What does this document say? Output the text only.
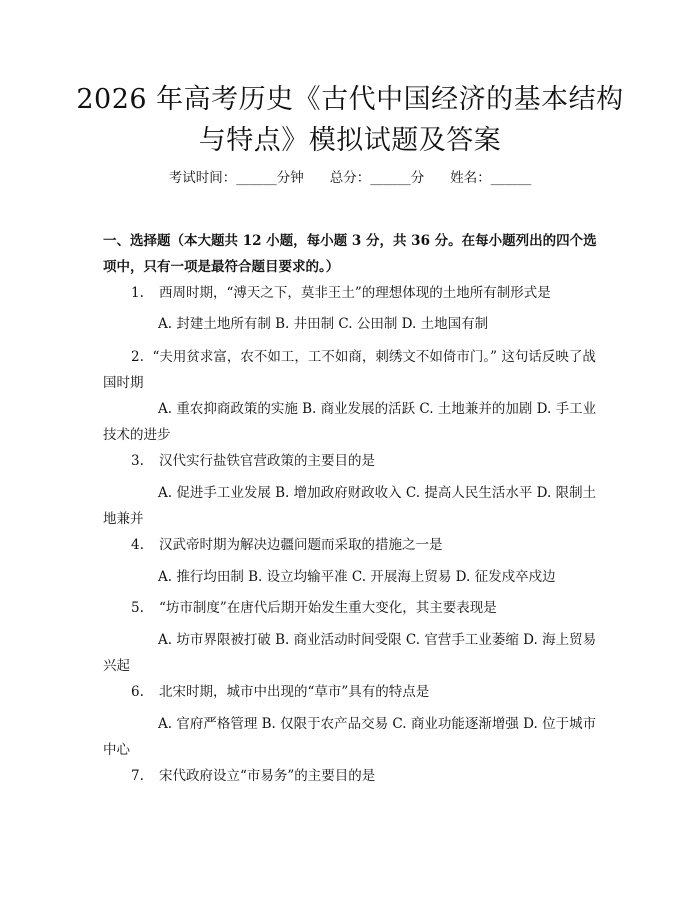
2026 年高考历史《古代中国经济的基本结构
与特点》模拟试题及答案
考试时间：______分钟 总分：______分 姓名：______
一、选择题（本大题共 12 小题，每小题 3 分，共 36 分。在每小题列出的四个选项中，只有一项是最符合题目要求的。）
1. 西周时期，“溥天之下，莫非王土”的理想体现的土地所有制形式是
A. 封建土地所有制 B. 井田制 C. 公田制 D. 土地国有制
2. “夫用贫求富，农不如工，工不如商，刺绣文不如倚市门。” 这句话反映了战国时期
A. 重农抑商政策的实施 B. 商业发展的活跃 C. 土地兼并的加剧 D. 手工业技术的进步
3. 汉代实行盐铁官营政策的主要目的是
A. 促进手工业发展 B. 增加政府财政收入 C. 提高人民生活水平 D. 限制土地兼并
4. 汉武帝时期为解决边疆问题而采取的措施之一是
A. 推行均田制 B. 设立均输平准 C. 开展海上贸易 D. 征发戍卒戍边
5. “坊市制度”在唐代后期开始发生重大变化，其主要表现是
A. 坊市界限被打破 B. 商业活动时间受限 C. 官营手工业萎缩 D. 海上贸易兴起
6. 北宋时期，城市中出现的“草市”具有的特点是
A. 官府严格管理 B. 仅限于农产品交易 C. 商业功能逐渐增强 D. 位于城市中心
7. 宋代政府设立“市易务”的主要目的是
